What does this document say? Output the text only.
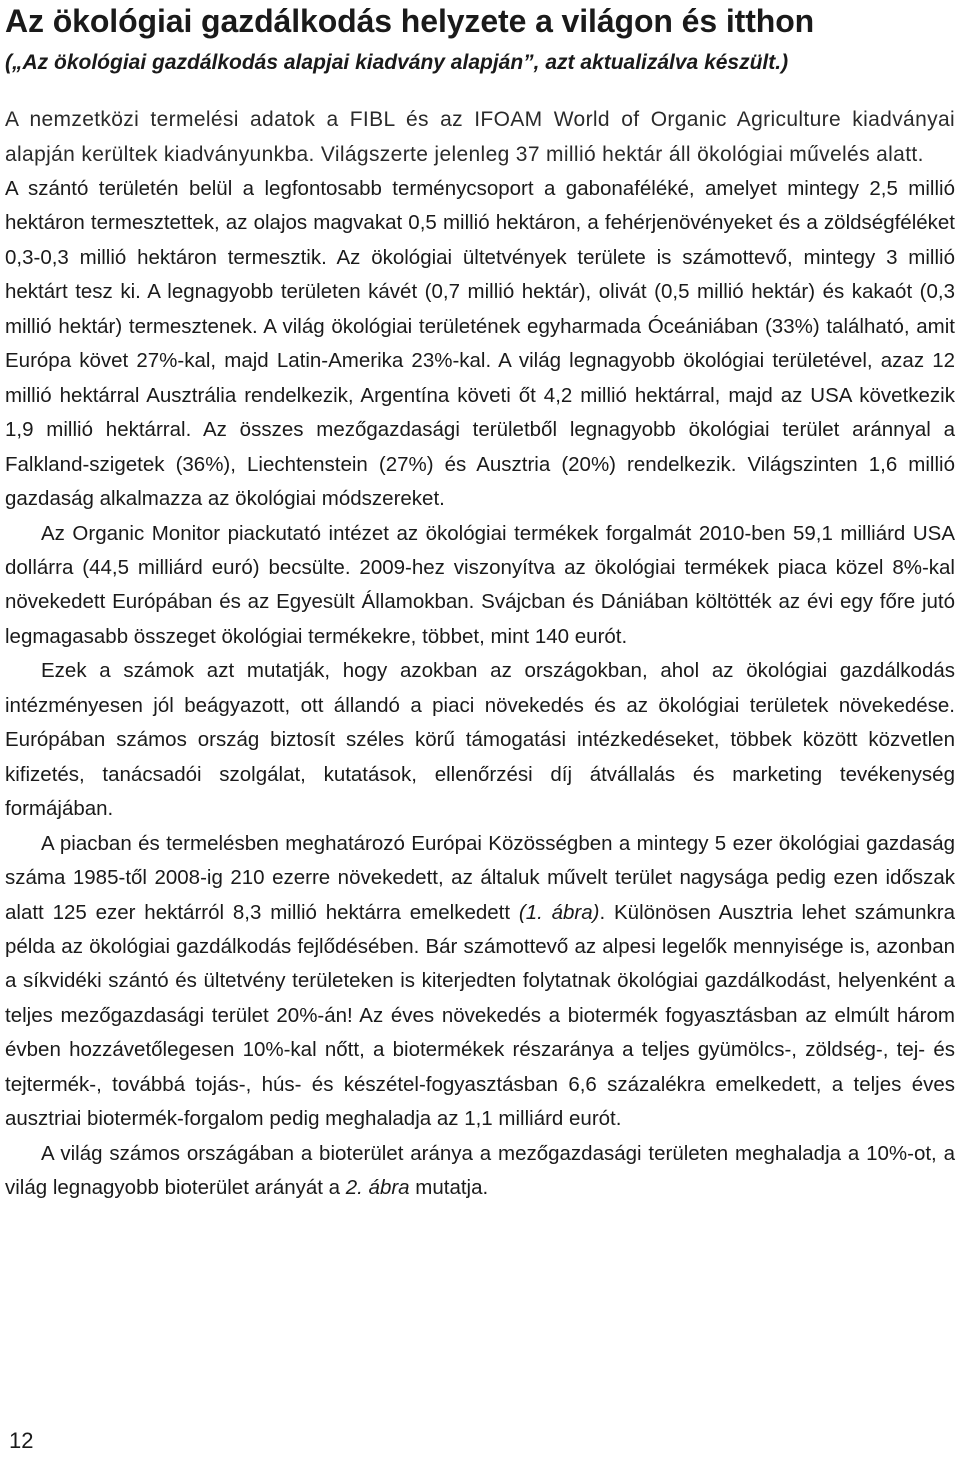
Az ökológiai gazdálkodás helyzete a világon és itthon
(„Az ökológiai gazdálkodás alapjai kiadvány alapján”, azt aktualizálva készült.)
A nemzetközi termelési adatok a FIBL és az IFOAM World of Organic Agriculture kiadványai alapján kerültek kiadványunkba. Világszerte jelenleg 37 millió hektár áll ökológiai művelés alatt.

A szántó területén belül a legfontosabb terménycsoport a gabonaféléké, amelyet mintegy 2,5 millió hektáron termesztettek, az olajos magvakat 0,5 millió hektáron, a fehérjenövényeket és a zöldségféléket 0,3-0,3 millió hektáron termesztik. Az ökológiai ültetvények területe is számottevő, mintegy 3 millió hektárt tesz ki. A legnagyobb területen kávét (0,7 millió hektár), olivát (0,5 millió hektár) és kakaót (0,3 millió hektár) termesztenek. A világ ökológiai területének egyharmada Óceániában (33%) található, amit Európa követ 27%-kal, majd Latin-Amerika 23%-kal. A világ legnagyobb ökológiai területével, azaz 12 millió hektárral Ausztrália rendelkezik, Argentína követi őt 4,2 millió hektárral, majd az USA következik 1,9 millió hektárral. Az összes mezőgazdasági területből legnagyobb ökológiai terület aránnyal a Falkland-szigetek (36%), Liechtenstein (27%) és Ausztria (20%) rendelkezik. Világszinten 1,6 millió gazdaság alkalmazza az ökológiai módszereket.

Az Organic Monitor piackutató intézet az ökológiai termékek forgalmát 2010-ben 59,1 milliárd USA dollárra (44,5 milliárd euró) becsülte. 2009-hez viszonyítva az ökológiai termékek piaca közel 8%-kal növekedett Európában és az Egyesült Államokban. Svájcban és Dániában költötték az évi egy főre jutó legmagasabb összeget ökológiai termékekre, többet, mint 140 eurót.

Ezek a számok azt mutatják, hogy azokban az országokban, ahol az ökológiai gazdálkodás intézményesen jól beágyazott, ott állandó a piaci növekedés és az ökológiai területek növekedése. Európában számos ország biztosít széles körű támogatási intézkedéseket, többek között közvetlen kifizetés, tanácsadói szolgálat, kutatások, ellenőrzési díj átvállalás és marketing tevékenység formájában.

A piacban és termelésben meghatározó Európai Közösségben a mintegy 5 ezer ökológiai gazdaság száma 1985-től 2008-ig 210 ezerre növekedett, az általuk művelt terület nagysága pedig ezen időszak alatt 125 ezer hektárról 8,3 millió hektárra emelkedett (1. ábra). Különösen Ausztria lehet számunkra példa az ökológiai gazdálkodás fejlődésében. Bár számottevő az alpesi legelők mennyisége is, azonban a síkvidéki szántó és ültetvény területeken is kiterjedten folytatnak ökológiai gazdálkodást, helyenként a teljes mezőgazdasági terület 20%-án! Az éves növekedés a biotermék fogyasztásban az elmúlt három évben hozzávetőlegesen 10%-kal nőtt, a biotermékek részaránya a teljes gyümölcs-, zöldség-, tej- és tejtermék-, továbbá tojás-, hús- és készétel-fogyasztásban 6,6 százalékra emelkedett, a teljes éves ausztriai biotermék-forgalom pedig meghaladja az 1,1 milliárd eurót.

A világ számos országában a bioterület aránya a mezőgazdasági területen meghaladja a 10%-ot, a világ legnagyobb bioterület arányát a 2. ábra mutatja.

12
